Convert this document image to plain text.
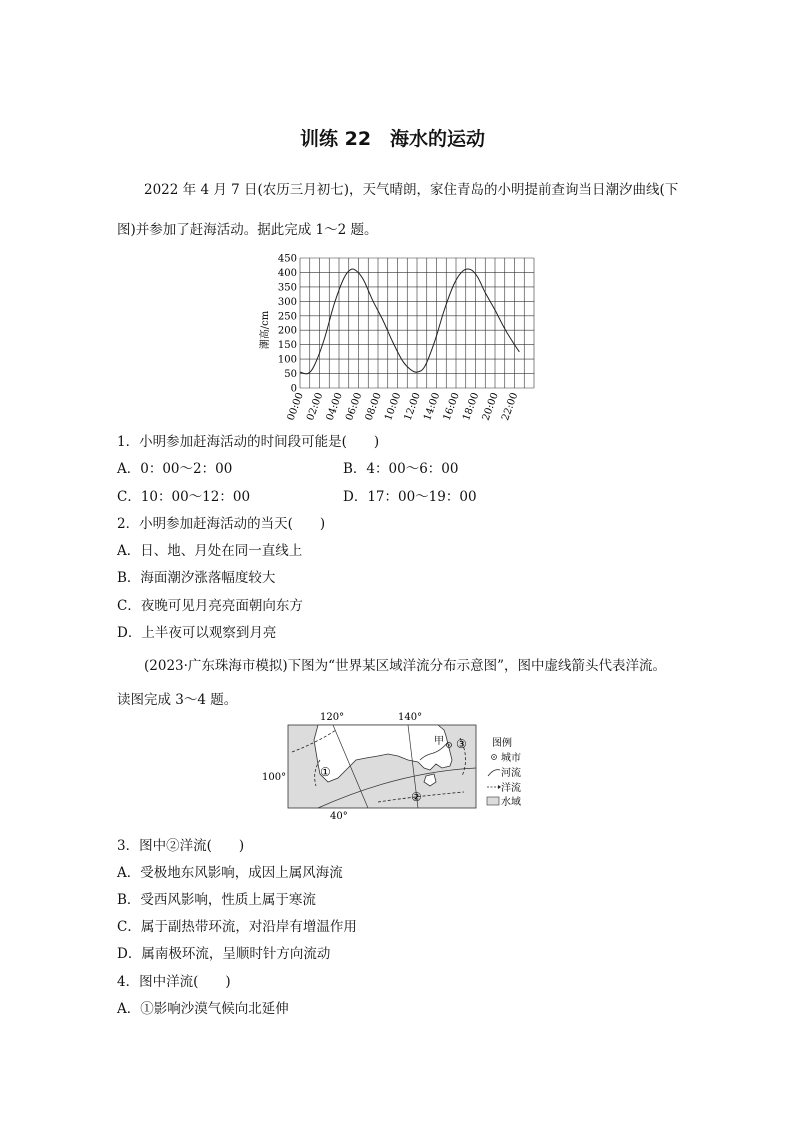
训练 22　海水的运动
2022 年 4 月 7 日(农历三月初七)，天气晴朗，家住青岛的小明提前查询当日潮汐曲线(下
图)并参加了赶海活动。据此完成 1～2 题。
0
50
100
150
200
250
300
350
400
450
00:00 02:00 04:00 06:00 08:00 10:00 12:00 14:00 16:00 18:00 20:00 22:00
潮高/cm
1．小明参加赶海活动的时间段可能是(　　)
A．0：00～2：00	B．4：00～6：00
C．10：00～12：00	D．17：00～19：00
2．小明参加赶海活动的当天(　　)
A．日、地、月处在同一直线上
B．海面潮汐涨落幅度较大
C．夜晚可见月亮亮面朝向东方
D．上半夜可以观察到月亮
(2023·广东珠海市模拟)下图为“世界某区域洋流分布示意图”，图中虚线箭头代表洋流。
读图完成 3～4 题。
120°	140°
100°
40°
①
②
③
甲	图例
城市
河流
洋流
水域
3．图中②洋流(　　)
A．受极地东风影响，成因上属风海流
B．受西风影响，性质上属于寒流
C．属于副热带环流，对沿岸有增温作用
D．属南极环流，呈顺时针方向流动
4．图中洋流(　　)
A．①影响沙漠气候向北延伸
